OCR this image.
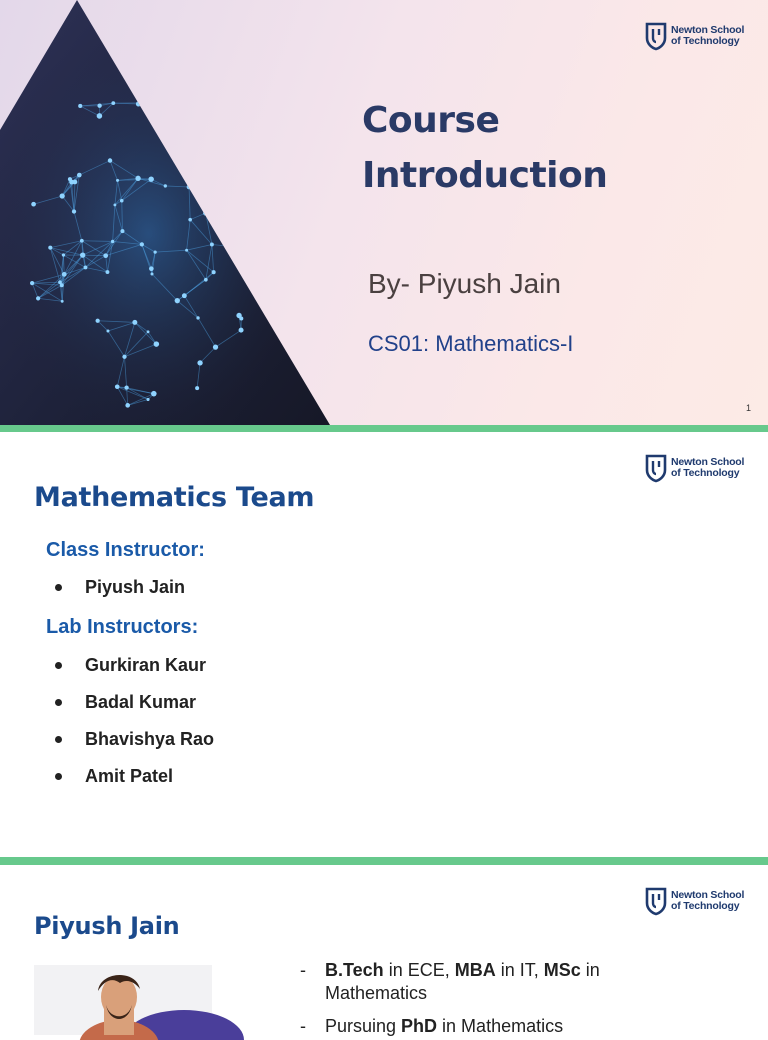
Newton School
of Technology
Course
Introduction
By- Piyush Jain
CS01: Mathematics-I
1
Newton School
of Technology
Mathematics Team
Class Instructor:
Piyush Jain
Lab Instructors:
Gurkiran Kaur
Badal Kumar
Bhavishya Rao
Amit Patel
Newton School
of Technology
Piyush Jain
- B.Tech in ECE, MBA in IT, MSc in Mathematics
- Pursuing PhD in Mathematics
